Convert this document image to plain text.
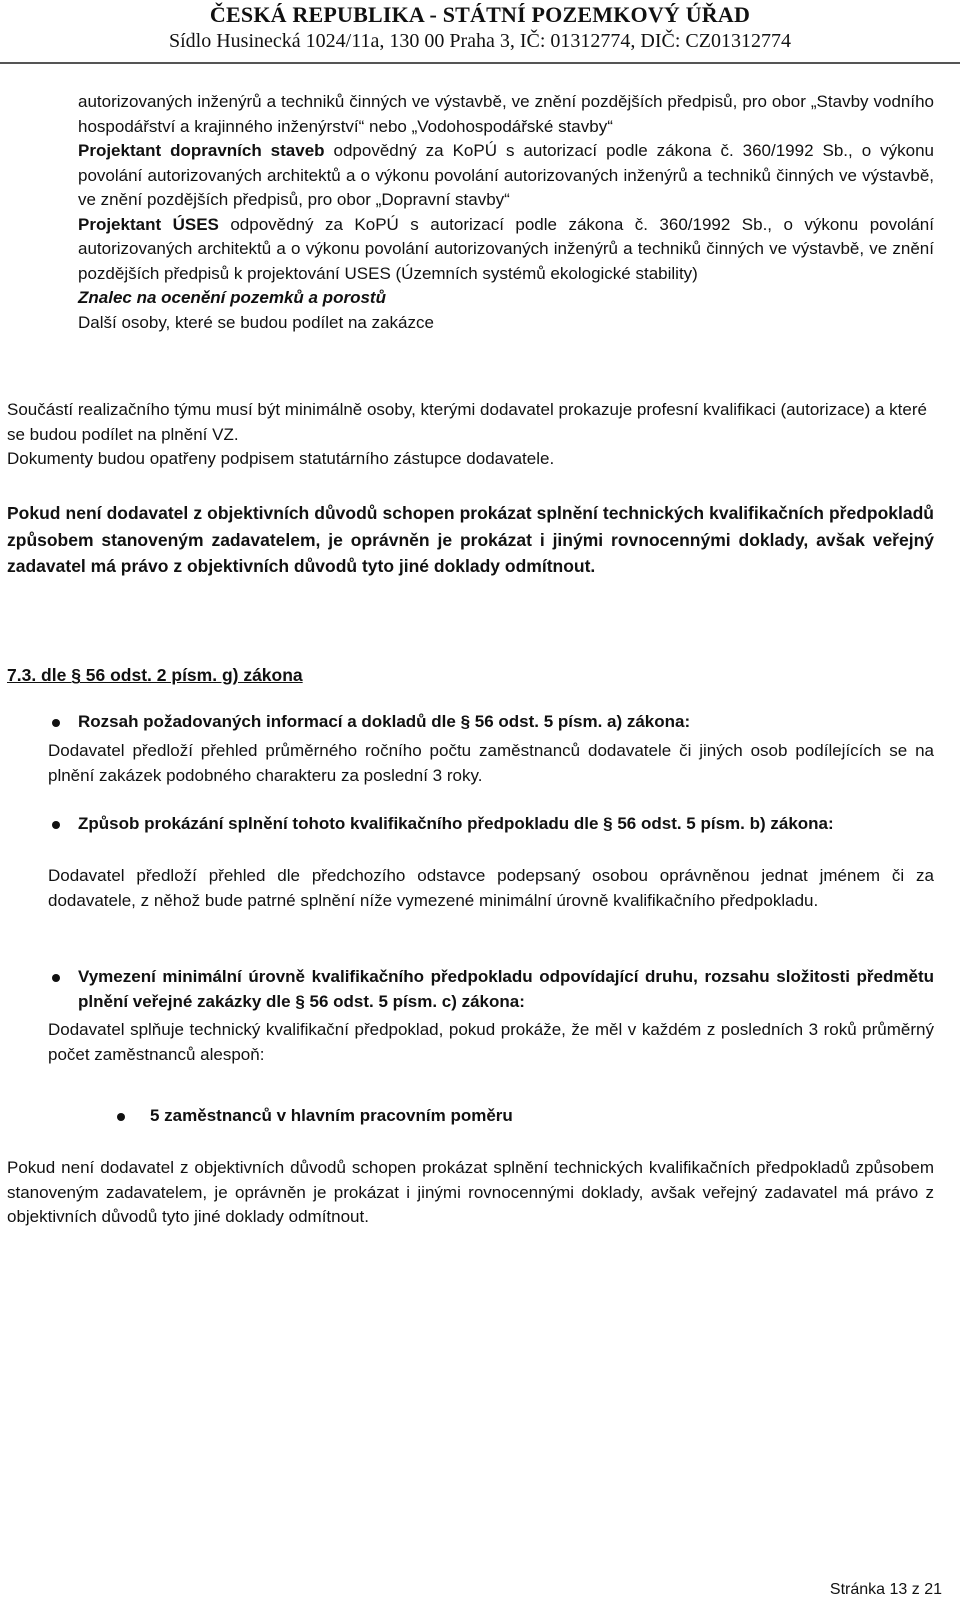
ČESKÁ REPUBLIKA - STÁTNÍ POZEMKOVÝ ÚŘAD
Sídlo Husinecká 1024/11a, 130 00 Praha 3, IČ: 01312774, DIČ: CZ01312774
autorizovaných inženýrů a techniků činných ve výstavbě, ve znění pozdějších předpisů, pro obor „Stavby vodního hospodářství a krajinného inženýrství“ nebo „Vodohospodářské stavby“
Projektant dopravních staveb odpovědný za KoPÚ s autorizací podle zákona č. 360/1992 Sb., o výkonu povolání autorizovaných architektů a o výkonu povolání autorizovaných inženýrů a techniků činných ve výstavbě, ve znění pozdějších předpisů, pro obor „Dopravní stavby“
Projektant ÚSES odpovědný za KoPÚ s autorizací podle zákona č. 360/1992 Sb., o výkonu povolání autorizovaných architektů a o výkonu povolání autorizovaných inženýrů a techniků činných ve výstavbě, ve znění pozdějších předpisů k projektování USES (Územních systémů ekologické stability)
Znalec na ocenění pozemků a porostů
Další osoby, které se budou podílet na zakázce
Součástí realizačního týmu musí být minimálně osoby, kterými dodavatel prokazuje profesní kvalifikaci (autorizace) a které se budou podílet na plnění VZ.
Dokumenty budou opatřeny podpisem statutárního zástupce dodavatele.
Pokud není dodavatel z objektivních důvodů schopen prokázat splnění technických kvalifikačních předpokladů způsobem stanoveným zadavatelem, je oprávněn je prokázat i jinými rovnocennými doklady, avšak veřejný zadavatel má právo z objektivních důvodů tyto jiné doklady odmítnout.
7.3. dle § 56 odst. 2 písm. g) zákona
Rozsah požadovaných informací a dokladů dle § 56 odst. 5 písm. a) zákona:
Dodavatel předloží přehled průměrného ročního počtu zaměstnanců dodavatele či jiných osob podílejících se na plnění zakázek podobného charakteru za poslední 3 roky.
Způsob prokázání splnění tohoto kvalifikačního předpokladu dle § 56 odst. 5 písm. b) zákona:
Dodavatel předloží přehled dle předchozího odstavce podepsaný osobou oprávněnou jednat jménem či za dodavatele, z něhož bude patrné splnění níže vymezené minimální úrovně kvalifikačního předpokladu.
Vymezení minimální úrovně kvalifikačního předpokladu odpovídající druhu, rozsahu složitosti předmětu plnění veřejné zakázky dle § 56 odst. 5 písm. c) zákona:
Dodavatel splňuje technický kvalifikační předpoklad, pokud prokáže, že měl v každém z posledních 3 roků průměrný počet zaměstnanců alespoň:
5 zaměstnanců v hlavním pracovním poměru
Pokud není dodavatel z objektivních důvodů schopen prokázat splnění technických kvalifikačních předpokladů způsobem stanoveným zadavatelem, je oprávněn je prokázat i jinými rovnocennými doklady, avšak veřejný zadavatel má právo z objektivních důvodů tyto jiné doklady odmítnout.
Stránka 13 z 21
